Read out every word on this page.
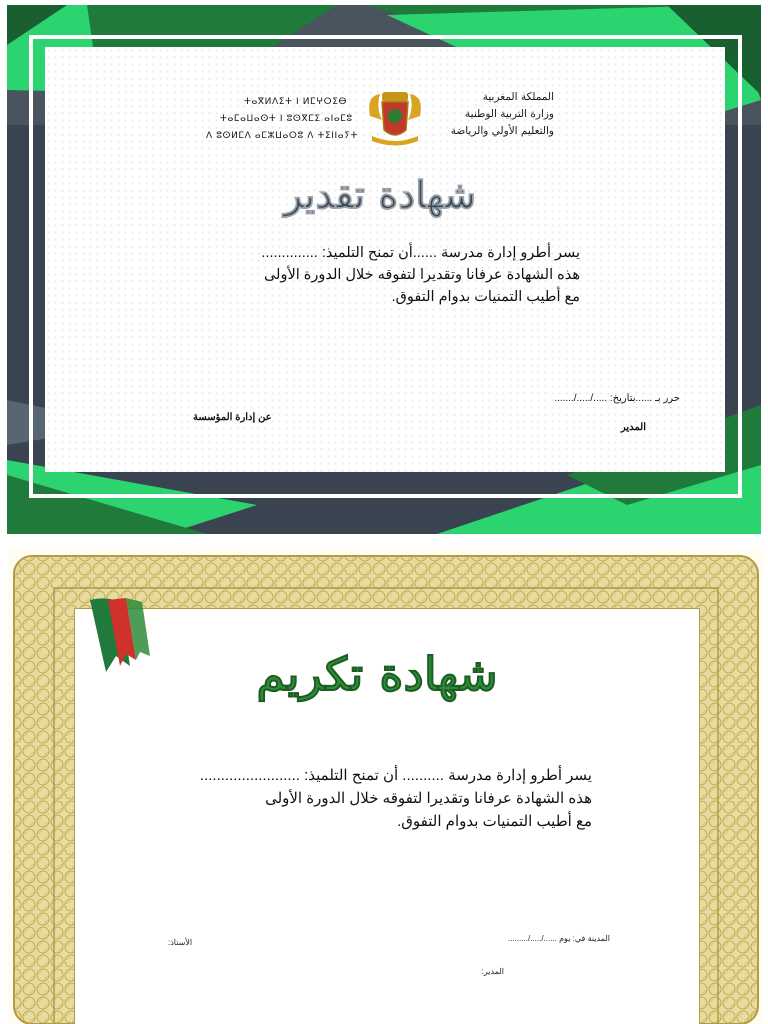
المملكة المغربية
وزارة التربية الوطنية
والتعليم الأولي والرياضة
ⵜⴰⴳⵍⴷⵉⵜ ⵏ ⵍⵎⵖⵔⵉⴱ
ⵜⴰⵎⴰⵡⴰⵙⵜ ⵏ ⵓⵙⴳⵎⵉ ⴰⵏⴰⵎⵓ
ⴷ ⵓⵙⵍⵎⴷ ⴰⵎⵣⵡⴰⵔⵓ ⴷ ⵜⵉⵏⵏⴰⵢⵜ
شهادة تقدير
يسر أطرو إدارة مدرسة ......أن تمنح التلميذ: ..............
هذه الشهادة عرفانا وتقديرا لتفوقه خلال الدورة الأولى
مع أطيب التمنيات بدوام التفوق.
حرر بـ ......بتاريخ: ...../...../.......
المدير
عن إدارة المؤسسة
شهادة تكريم
يسر أطرو إدارة مدرسة .......... أن تمنح التلميذ: ........................
هذه الشهادة عرفانا وتقديرا لتفوقه خلال الدورة الأولى
مع أطيب التمنيات بدوام التفوق.
المدينة في: يوم ....../...../.........
الأستاذ:
المدير:
